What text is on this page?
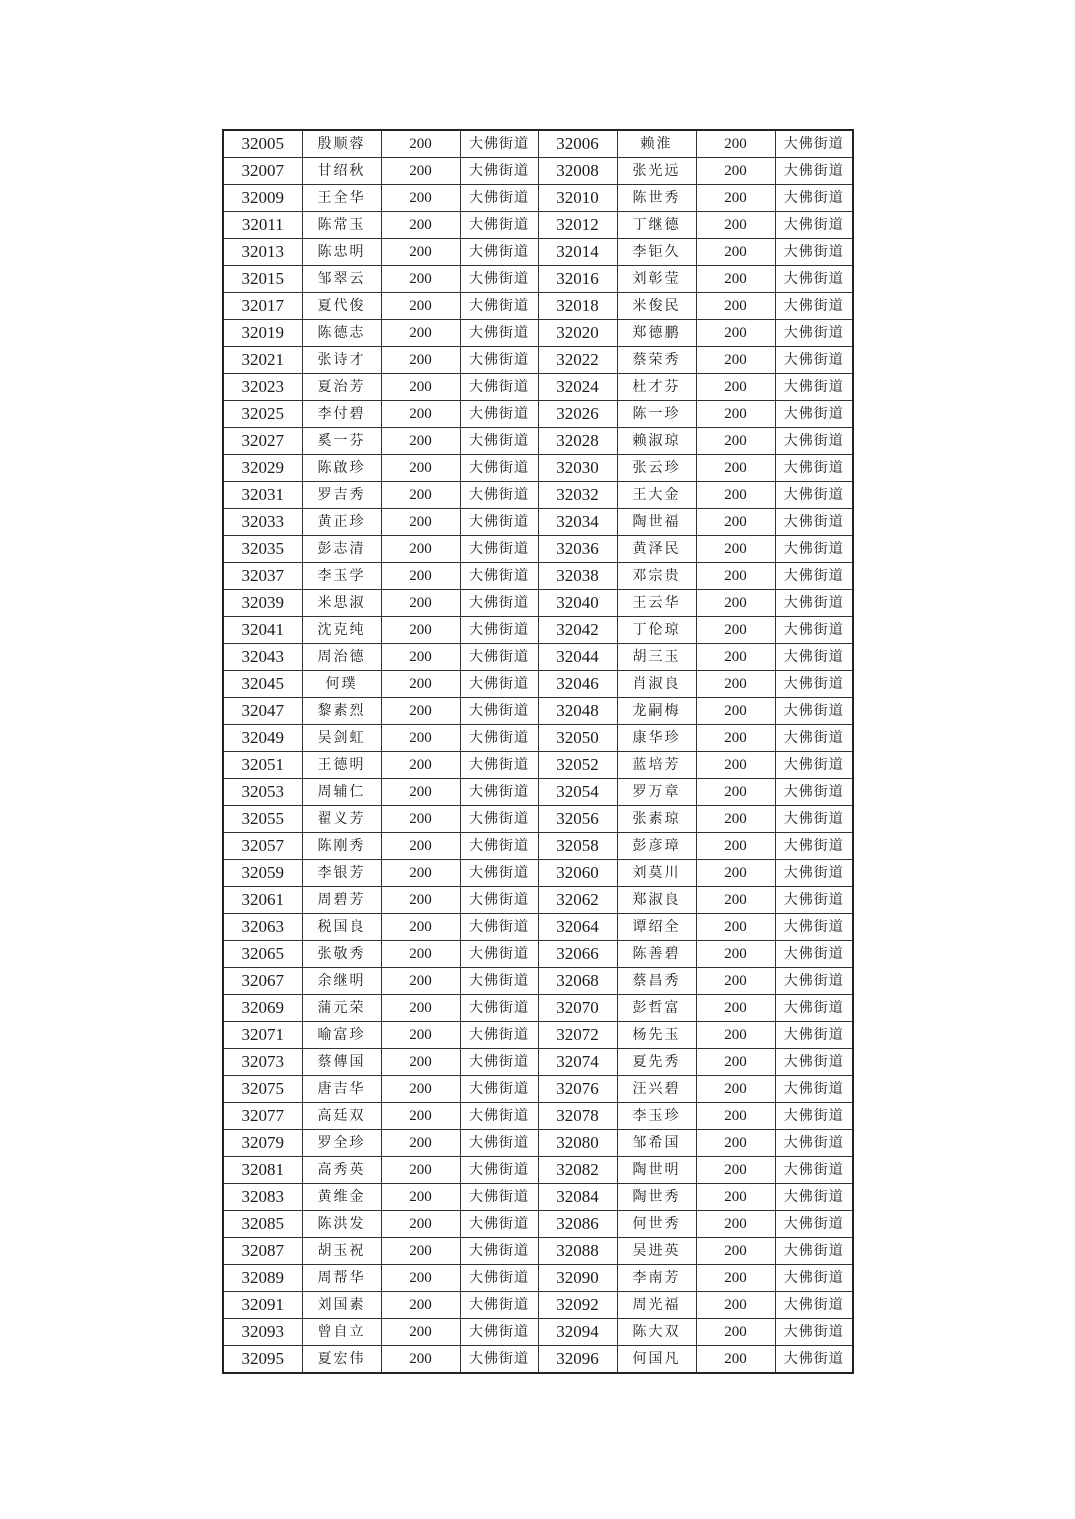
32005	殷顺蓉	200	大佛街道	32006	赖淮	200	大佛街道
32007	甘绍秋	200	大佛街道	32008	张光远	200	大佛街道
32009	王全华	200	大佛街道	32010	陈世秀	200	大佛街道
32011	陈常玉	200	大佛街道	32012	丁继德	200	大佛街道
32013	陈忠明	200	大佛街道	32014	李钜久	200	大佛街道
32015	邹翠云	200	大佛街道	32016	刘彰莹	200	大佛街道
32017	夏代俊	200	大佛街道	32018	米俊民	200	大佛街道
32019	陈德志	200	大佛街道	32020	郑德鹏	200	大佛街道
32021	张诗才	200	大佛街道	32022	蔡荣秀	200	大佛街道
32023	夏治芳	200	大佛街道	32024	杜才芬	200	大佛街道
32025	李付碧	200	大佛街道	32026	陈一珍	200	大佛街道
32027	奚一芬	200	大佛街道	32028	赖淑琼	200	大佛街道
32029	陈啟珍	200	大佛街道	32030	张云珍	200	大佛街道
32031	罗吉秀	200	大佛街道	32032	王大金	200	大佛街道
32033	黄正珍	200	大佛街道	32034	陶世福	200	大佛街道
32035	彭志清	200	大佛街道	32036	黄泽民	200	大佛街道
32037	李玉学	200	大佛街道	32038	邓宗贵	200	大佛街道
32039	米思淑	200	大佛街道	32040	王云华	200	大佛街道
32041	沈克纯	200	大佛街道	32042	丁伦琼	200	大佛街道
32043	周治德	200	大佛街道	32044	胡三玉	200	大佛街道
32045	何璞	200	大佛街道	32046	肖淑良	200	大佛街道
32047	黎素烈	200	大佛街道	32048	龙嗣梅	200	大佛街道
32049	吴剑虹	200	大佛街道	32050	康华珍	200	大佛街道
32051	王德明	200	大佛街道	32052	蓝培芳	200	大佛街道
32053	周辅仁	200	大佛街道	32054	罗万章	200	大佛街道
32055	翟义芳	200	大佛街道	32056	张素琼	200	大佛街道
32057	陈刚秀	200	大佛街道	32058	彭彦璋	200	大佛街道
32059	李银芳	200	大佛街道	32060	刘莫川	200	大佛街道
32061	周碧芳	200	大佛街道	32062	郑淑良	200	大佛街道
32063	税国良	200	大佛街道	32064	谭绍全	200	大佛街道
32065	张敬秀	200	大佛街道	32066	陈善碧	200	大佛街道
32067	余继明	200	大佛街道	32068	蔡昌秀	200	大佛街道
32069	蒲元荣	200	大佛街道	32070	彭哲富	200	大佛街道
32071	喻富珍	200	大佛街道	32072	杨先玉	200	大佛街道
32073	蔡傳国	200	大佛街道	32074	夏先秀	200	大佛街道
32075	唐吉华	200	大佛街道	32076	汪兴碧	200	大佛街道
32077	高廷双	200	大佛街道	32078	李玉珍	200	大佛街道
32079	罗全珍	200	大佛街道	32080	邹希国	200	大佛街道
32081	高秀英	200	大佛街道	32082	陶世明	200	大佛街道
32083	黄维金	200	大佛街道	32084	陶世秀	200	大佛街道
32085	陈洪发	200	大佛街道	32086	何世秀	200	大佛街道
32087	胡玉祝	200	大佛街道	32088	吴进英	200	大佛街道
32089	周帮华	200	大佛街道	32090	李南芳	200	大佛街道
32091	刘国素	200	大佛街道	32092	周光福	200	大佛街道
32093	曾自立	200	大佛街道	32094	陈大双	200	大佛街道
32095	夏宏伟	200	大佛街道	32096	何国凡	200	大佛街道
